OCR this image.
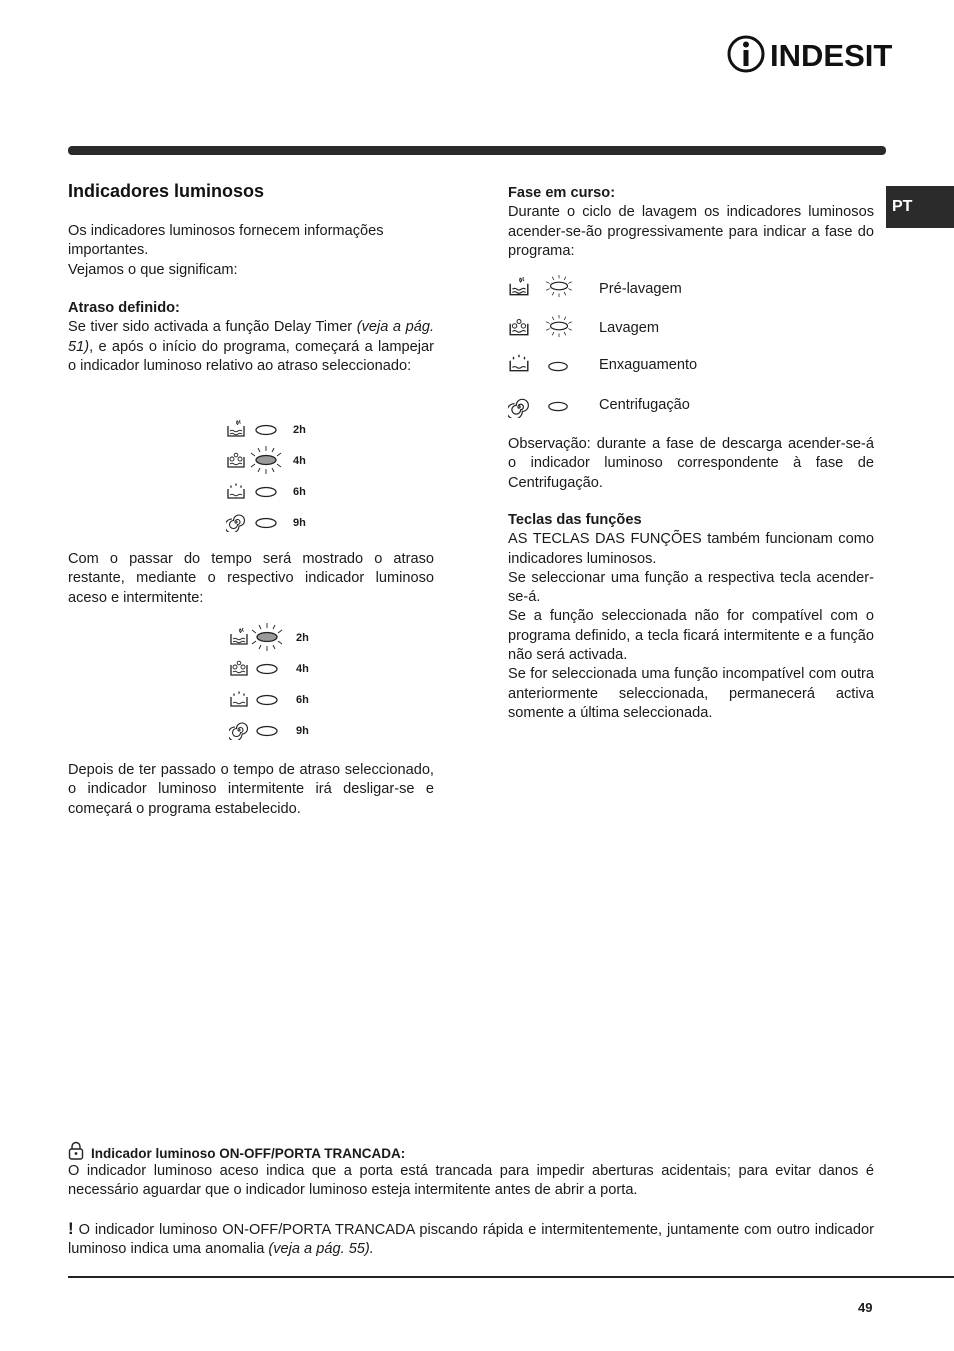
INDESIT
PT
Indicadores luminosos

Os indicadores luminosos fornecem informações

importantes.

Vejamos o que significam:

Atraso definido:

Se tiver sido activada a função Delay Timer (veja a pág. 51), e após o início do programa, começará a lampejar o indicador luminoso relativo ao atraso seleccionado:

2h
4h
6h
9h

Com o passar do tempo será mostrado o atraso restante, mediante o respectivo indicador luminoso aceso e intermitente:

2h
4h
6h
9h

Depois de ter passado o tempo de atraso seleccionado, o indicador luminoso intermitente irá desligar-se e começará o programa estabelecido.

Fase em curso:

Durante o ciclo de lavagem os indicadores luminosos acender-se-ão progressivamente para indicar a fase do programa:

Pré-lavagem
Lavagem
Enxaguamento
Centrifugação

Observação: durante a fase de descarga acender-se-á o indicador luminoso correspondente à fase de Centrifugação.

Teclas das funções

AS TECLAS DAS FUNÇÕES também funcionam como indicadores luminosos.

Se seleccionar uma função a respectiva tecla acender-se-á.

Se a função seleccionada não for compatível com o programa definido, a tecla ficará intermitente e a função não será activada.

Se for seleccionada uma função incompatível com outra anteriormente seleccionada, permanecerá activa somente a última seleccionada.

Indicador luminoso ON-OFF/PORTA TRANCADA:

O indicador luminoso aceso indica que a porta está trancada para impedir aberturas acidentais; para evitar danos é necessário aguardar que o indicador luminoso esteja intermitente antes de abrir a porta.

! O indicador luminoso ON-OFF/PORTA TRANCADA piscando rápida e intermitentemente, juntamente com outro indicador luminoso indica uma anomalia (veja a pág. 55).

49
